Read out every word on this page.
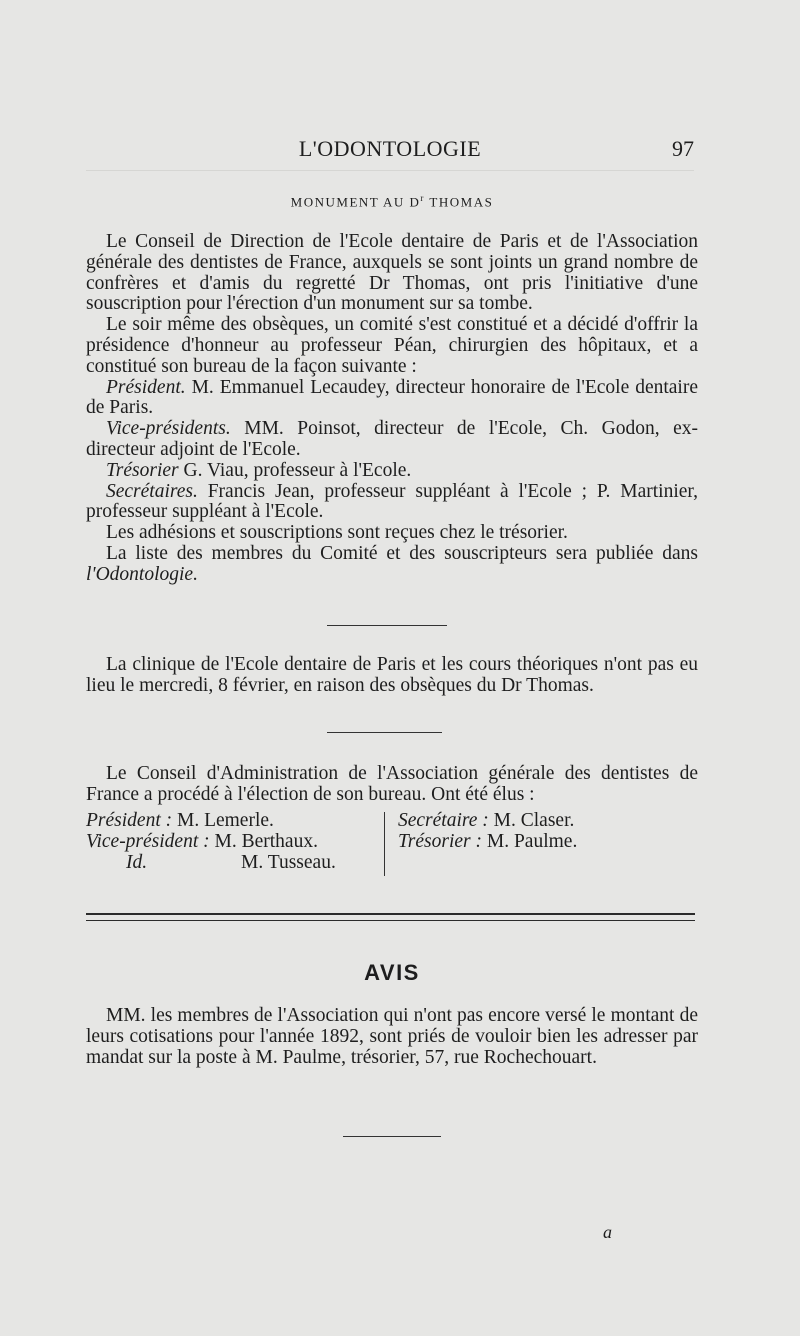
L'ODONTOLOGIE	97
MONUMENT AU $D^r$ THOMAS

Le Conseil de Direction de l'Ecole dentaire de Paris et de l'Association générale des dentistes de France, auxquels se sont joints un grand nombre de confrères et d'amis du regretté Dr Thomas, ont pris l'initiative d'une souscription pour l'érection d'un monument sur sa tombe.

Le soir même des obsèques, un comité s'est constitué et a décidé d'offrir la présidence d'honneur au professeur Péan, chirurgien des hôpitaux, et a constitué son bureau de la façon suivante :

Président. M. Emmanuel Lecaudey, directeur honoraire de l'Ecole dentaire de Paris.

Vice-présidents. MM. Poinsot, directeur de l'Ecole, Ch. Godon, ex-directeur adjoint de l'Ecole.

Trésorier G. Viau, professeur à l'Ecole.

Secrétaires. Francis Jean, professeur suppléant à l'Ecole ; P. Martinier, professeur suppléant à l'Ecole.

Les adhésions et souscriptions sont reçues chez le trésorier.

La liste des membres du Comité et des souscripteurs sera publiée dans l'Odontologie.

La clinique de l'Ecole dentaire de Paris et les cours théoriques n'ont pas eu lieu le mercredi, 8 février, en raison des obsèques du Dr Thomas.

Le Conseil d'Administration de l'Association générale des dentistes de France a procédé à l'élection de son bureau. Ont été élus :

Président : M. Lemerle.
Vice-président : M. Berthaux.
Id.	M. Tusseau.
Secrétaire : M. Claser.
Trésorier : M. Paulme.
AVIS

MM. les membres de l'Association qui n'ont pas encore versé le montant de leurs cotisations pour l'année 1892, sont priés de vouloir bien les adresser par mandat sur la poste à M. Paulme, trésorier, 57, rue Rochechouart.

a
